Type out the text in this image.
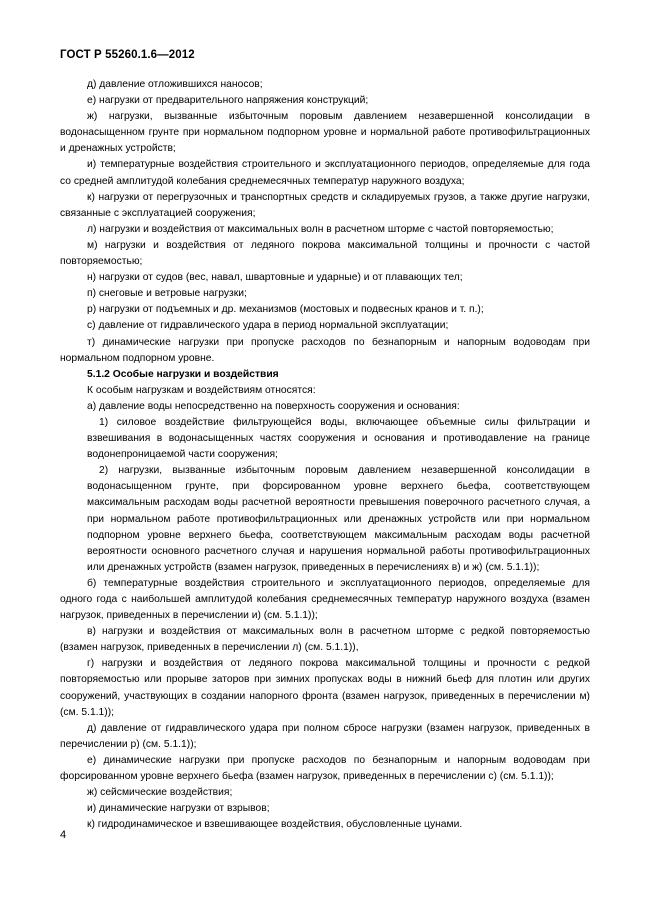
ГОСТ Р 55260.1.6—2012

д) давление отложившихся наносов;

е) нагрузки от предварительного напряжения конструкций;

ж) нагрузки, вызванные избыточным поровым давлением незавершенной консолидации в водонасыщенном грунте при нормальном подпорном уровне и нормальной работе противофильтрационных и дренажных устройств;

и) температурные воздействия строительного и эксплуатационного периодов, определяемые для года со средней амплитудой колебания среднемесячных температур наружного воздуха;

к) нагрузки от перегрузочных и транспортных средств и складируемых грузов, а также другие нагрузки, связанные с эксплуатацией сооружения;

л) нагрузки и воздействия от максимальных волн в расчетном шторме с частой повторяемостью;

м) нагрузки и воздействия от ледяного покрова максимальной толщины и прочности с частой повторяемостью;

н) нагрузки от судов (вес, навал, швартовные и ударные) и от плавающих тел;

п) снеговые и ветровые нагрузки;

р) нагрузки от подъемных и др. механизмов (мостовых и подвесных кранов и т. п.);

с) давление от гидравлического удара в период нормальной эксплуатации;

т) динамические нагрузки при пропуске расходов по безнапорным и напорным водоводам при нормальном подпорном уровне.

5.1.2 Особые нагрузки и воздействия

К особым нагрузкам и воздействиям относятся:

а) давление воды непосредственно на поверхность сооружения и основания:

1) силовое воздействие фильтрующейся воды, включающее объемные силы фильтрации и взвешивания в водонасыщенных частях сооружения и основания и противодавление на границе водонепроницаемой части сооружения;

2) нагрузки, вызванные избыточным поровым давлением незавершенной консолидации в водонасыщенном грунте, при форсированном уровне верхнего бьефа, соответствующем максимальным расходам воды расчетной вероятности превышения поверочного расчетного случая, а при нормальном работе противофильтрационных или дренажных устройств или при нормальном подпорном уровне верхнего бьефа, соответствующем максимальным расходам воды расчетной вероятности основного расчетного случая и нарушения нормальной работы противофильтрационных или дренажных устройств (взамен нагрузок, приведенных в перечислениях в) и ж) (см. 5.1.1));

б) температурные воздействия строительного и эксплуатационного периодов, определяемые для одного года с наибольшей амплитудой колебания среднемесячных температур наружного воздуха (взамен нагрузок, приведенных в перечислении и) (см. 5.1.1));

в) нагрузки и воздействия от максимальных волн в расчетном шторме с редкой повторяемостью (взамен нагрузок, приведенных в перечислении л) (см. 5.1.1)),

г) нагрузки и воздействия от ледяного покрова максимальной толщины и прочности с редкой повторяемостью или прорыве заторов при зимних пропусках воды в нижний бьеф для плотин или других сооружений, участвующих в создании напорного фронта (взамен нагрузок, приведенных в перечислении м) (см. 5.1.1));

д) давление от гидравлического удара при полном сбросе нагрузки (взамен нагрузок, приведенных в перечислении р) (см. 5.1.1));

е) динамические нагрузки при пропуске расходов по безнапорным и напорным водоводам при форсированном уровне верхнего бьефа (взамен нагрузок, приведенных в перечислении с) (см. 5.1.1));

ж) сейсмические воздействия;

и) динамические нагрузки от взрывов;

к) гидродинамическое и взвешивающее воздействия, обусловленные цунами.

4
